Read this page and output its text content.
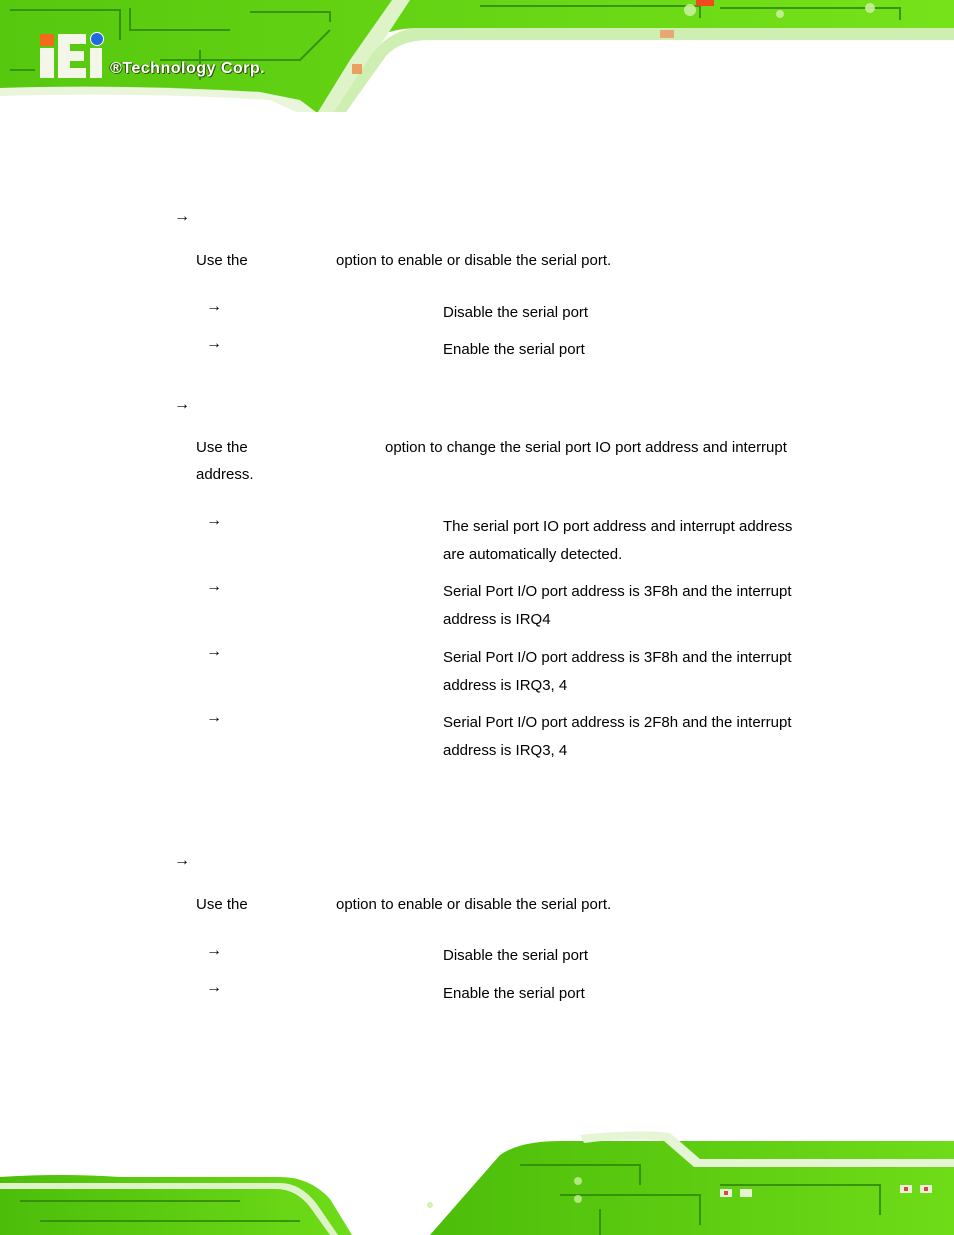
®Technology Corp.
→
Use the	option to enable or disable the serial port.
→	Disable the serial port
→	Enable the serial port
→
Use the	option to change the serial port IO port address and interrupt
address.
→	The serial port IO port address and interrupt address
are automatically detected.
→	Serial Port I/O port address is 3F8h and the interrupt
address is IRQ4
→	Serial Port I/O port address is 3F8h and the interrupt
address is IRQ3, 4
→	Serial Port I/O port address is 2F8h and the interrupt
address is IRQ3, 4
→
Use the	option to enable or disable the serial port.
→	Disable the serial port
→	Enable the serial port
